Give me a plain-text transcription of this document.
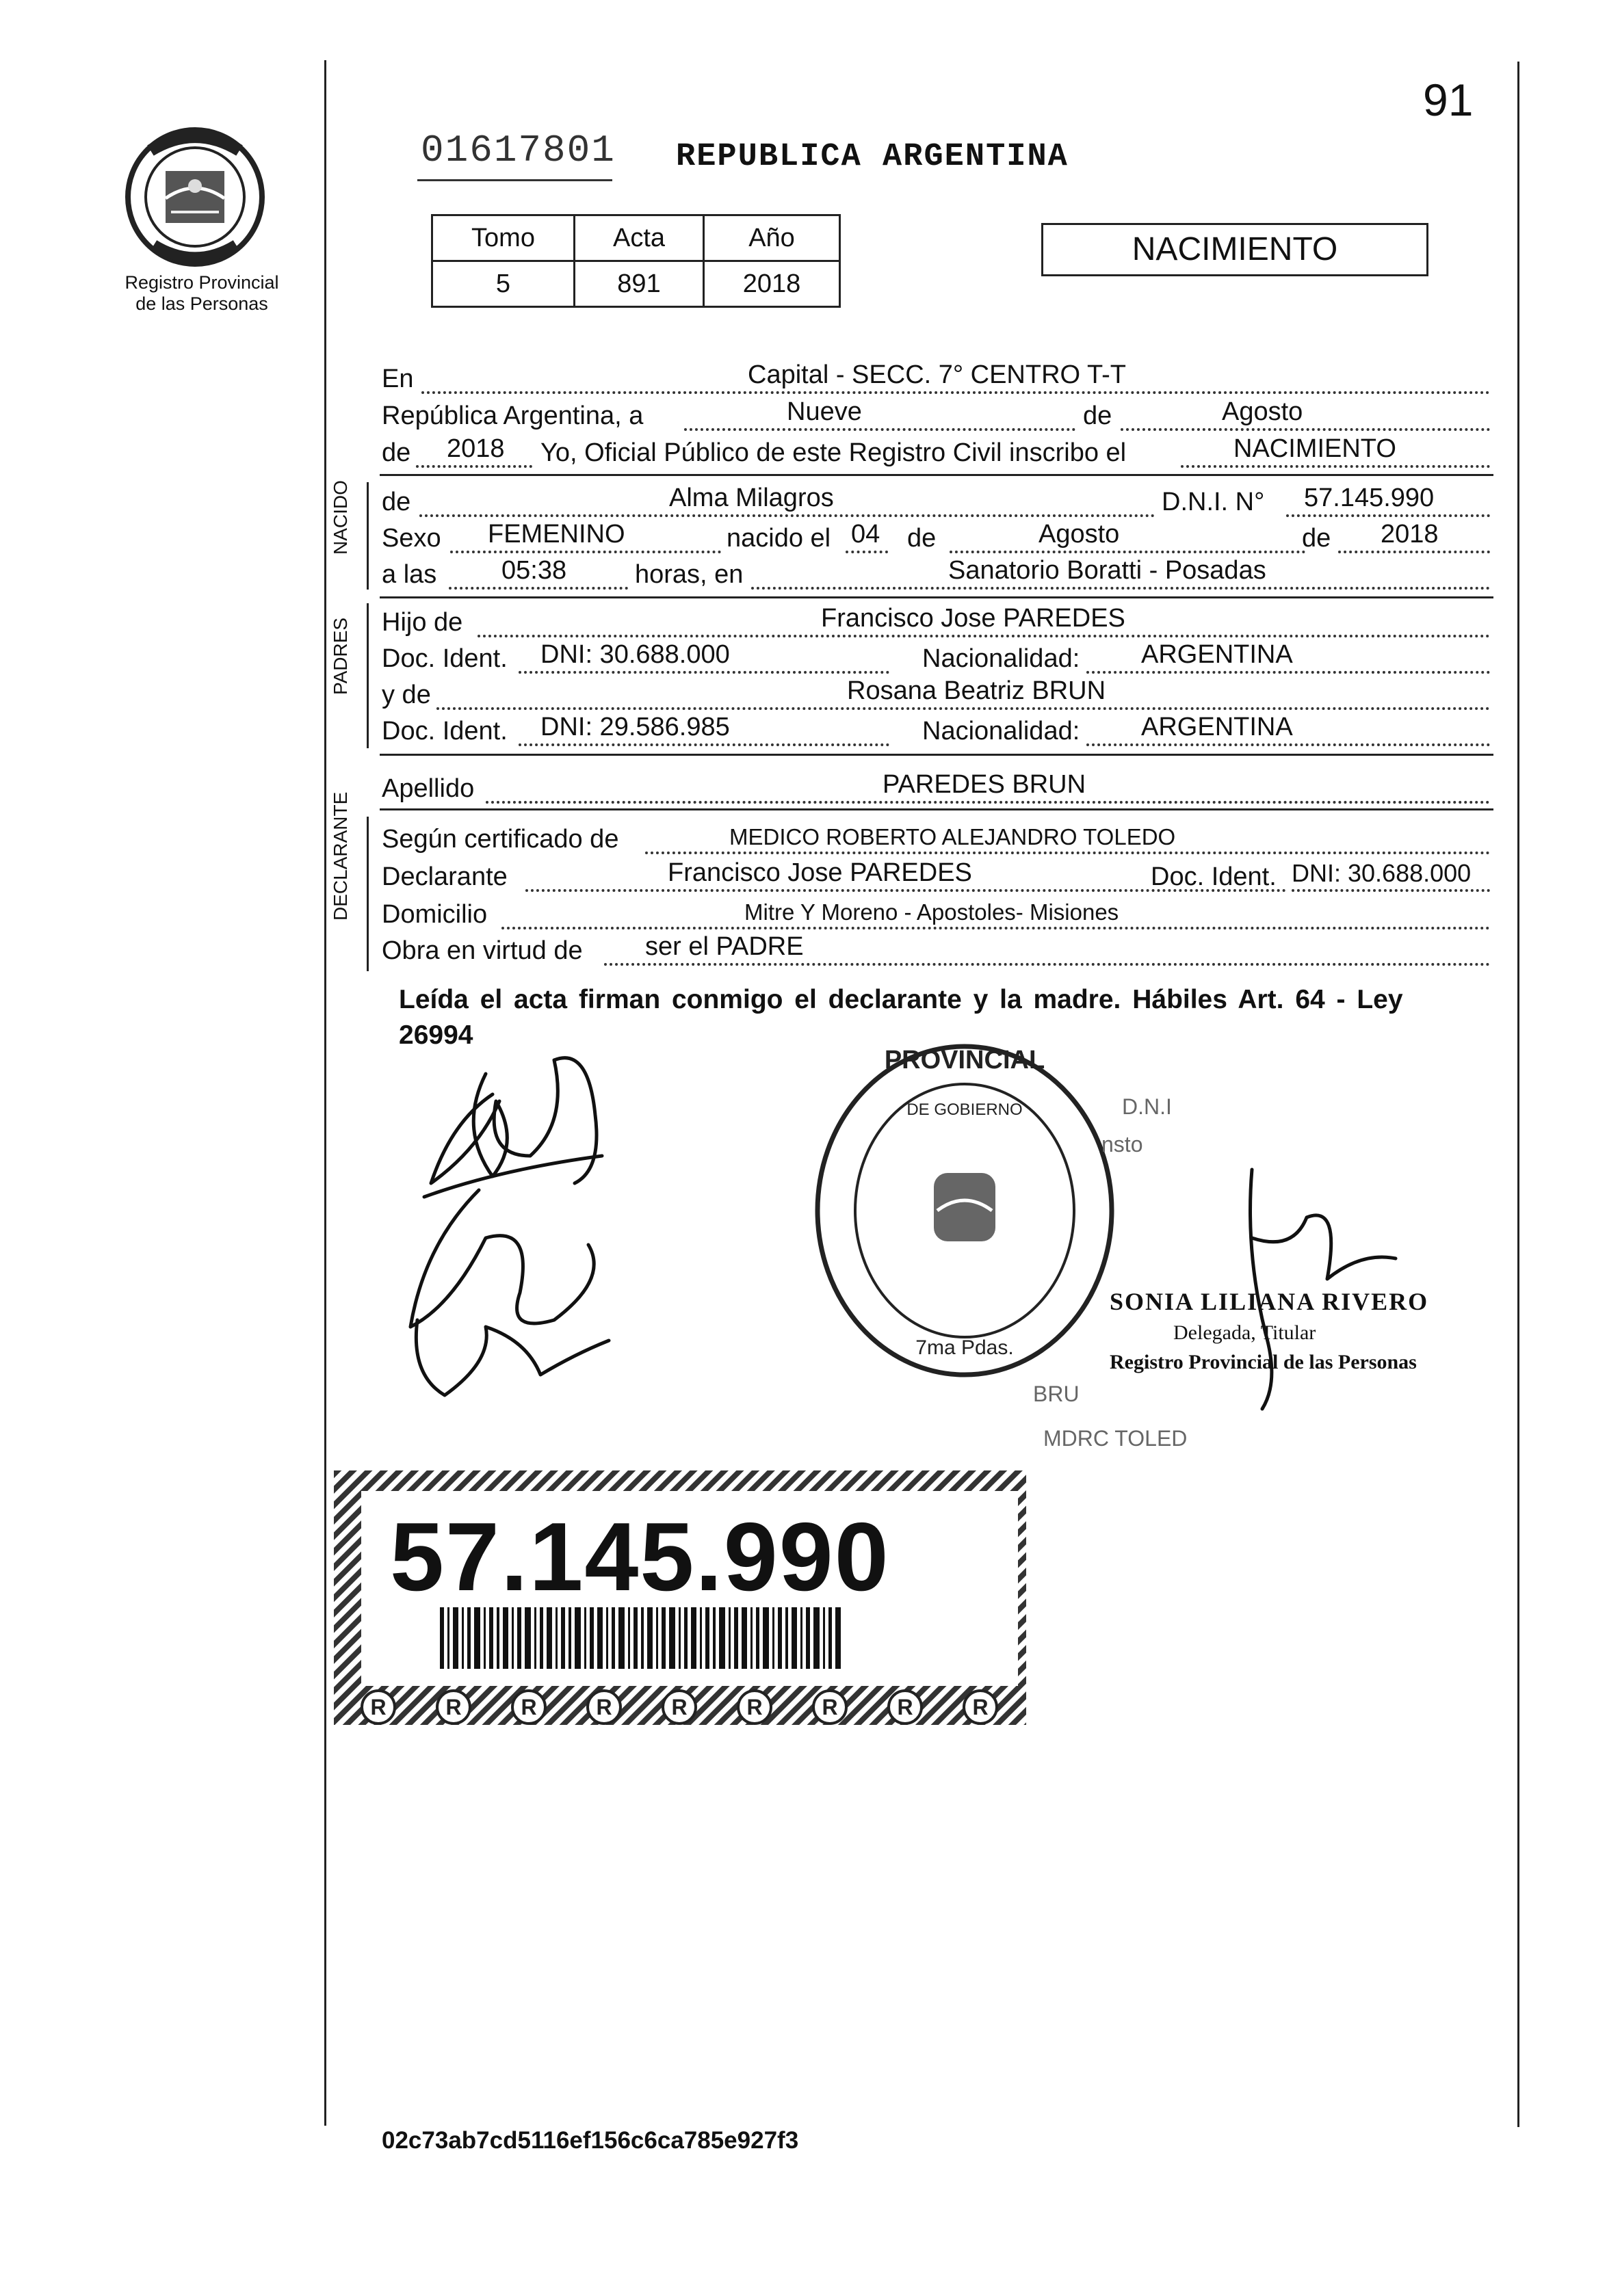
Registro Provincial
de las Personas
91
01617801 REPUBLICA ARGENTINA
Tomo	Acta	Año
5	891	2018
NACIMIENTO
En	Capital - SECC. 7° CENTRO T-T
República Argentina, a	Nueve	de	Agosto
de 2018 Yo, Oficial Público de este Registro Civil inscribo el	NACIMIENTO
NACIDO de	Alma Milagros	D.N.I. N° 57.145.990
Sexo FEMENINO	nacido el 04 de	Agosto	de 2018
a las 05:38	horas, en	Sanatorio Boratti - Posadas
PADRES Hijo de	Francisco Jose PAREDES
Doc. Ident. DNI: 30.688.000	Nacionalidad: ARGENTINA
y de	Rosana Beatriz BRUN
Doc. Ident. DNI: 29.586.985	Nacionalidad: ARGENTINA
Apellido	PAREDES BRUN
DECLARANTE Según certificado de	MEDICO ROBERTO ALEJANDRO TOLEDO
Declarante	Francisco Jose PAREDES	Doc. Ident. DNI: 30.688.000
Domicilio	Mitre Y Moreno - Apostoles- Misiones
Obra en virtud de ser el PADRE
Leída el acta firman conmigo el declarante y la madre. Hábiles Art. 64 - Ley 26994
PROVINCIAL
DE GOBIERNO
7ma Pdas.
D.N.I
nsto
BRU
MDRC TOLED
SONIA LILIANA RIVERO
Delegada, Titular
Registro Provincial de las Personas
R	R	R	R	R	R	R	R	R
57.145.990
02c73ab7cd5116ef156c6ca785e927f3
